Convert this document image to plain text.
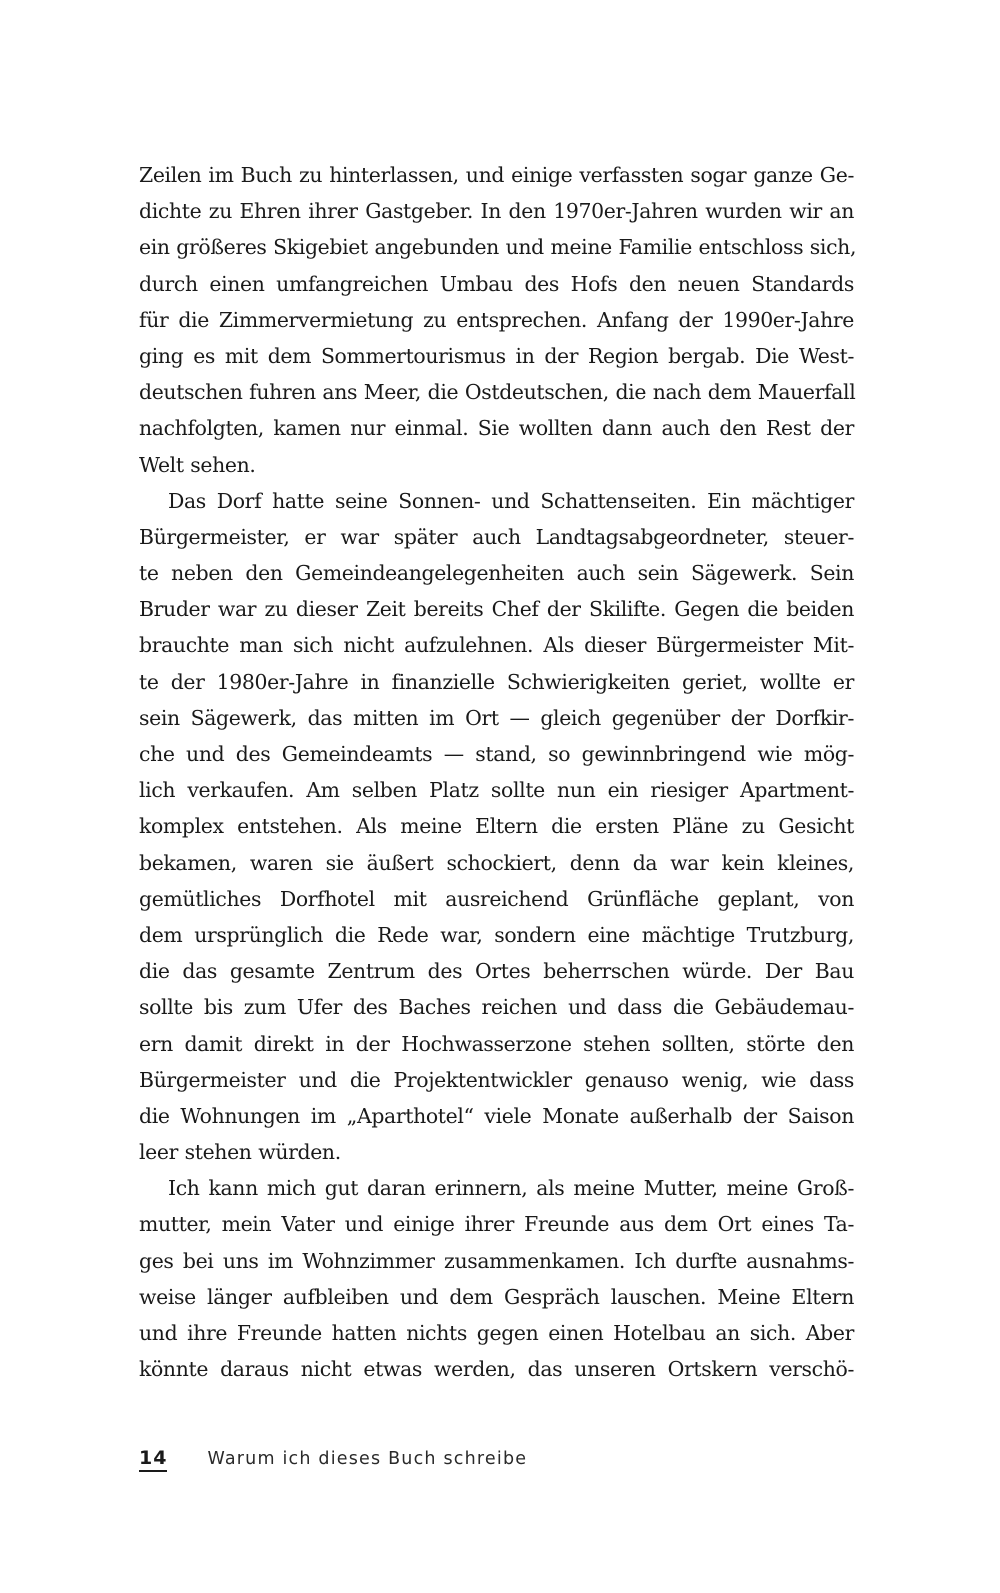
Zeilen im Buch zu hinterlassen, und einige verfassten sogar ganze Ge-
dichte zu Ehren ihrer Gastgeber. In den 1970er-Jahren wurden wir an
ein größeres Skigebiet angebunden und meine Familie entschloss sich,
durch einen umfangreichen Umbau des Hofs den neuen Standards
für die Zimmervermietung zu entsprechen. Anfang der 1990er-Jahre
ging es mit dem Sommertourismus in der Region bergab. Die West-
deutschen fuhren ans Meer, die Ostdeutschen, die nach dem Mauerfall
nachfolgten, kamen nur einmal. Sie wollten dann auch den Rest der
Welt sehen.
Das Dorf hatte seine Sonnen- und Schattenseiten. Ein mächtiger
Bürgermeister, er war später auch Landtagsabgeordneter, steuer-
te neben den Gemeindeangelegenheiten auch sein Sägewerk. Sein
Bruder war zu dieser Zeit bereits Chef der Skilifte. Gegen die beiden
brauchte man sich nicht aufzulehnen. Als dieser Bürgermeister Mit-
te der 1980er-Jahre in finanzielle Schwierigkeiten geriet, wollte er
sein Sägewerk, das mitten im Ort — gleich gegenüber der Dorfkir-
che und des Gemeindeamts — stand, so gewinnbringend wie mög-
lich verkaufen. Am selben Platz sollte nun ein riesiger Apartment-
komplex entstehen. Als meine Eltern die ersten Pläne zu Gesicht
bekamen, waren sie äußert schockiert, denn da war kein kleines,
gemütliches Dorfhotel mit ausreichend Grünfläche geplant, von
dem ursprünglich die Rede war, sondern eine mächtige Trutzburg,
die das gesamte Zentrum des Ortes beherrschen würde. Der Bau
sollte bis zum Ufer des Baches reichen und dass die Gebäudemau-
ern damit direkt in der Hochwasserzone stehen sollten, störte den
Bürgermeister und die Projektentwickler genauso wenig, wie dass
die Wohnungen im „Aparthotel“ viele Monate außerhalb der Saison
leer stehen würden.
Ich kann mich gut daran erinnern, als meine Mutter, meine Groß-
mutter, mein Vater und einige ihrer Freunde aus dem Ort eines Ta-
ges bei uns im Wohnzimmer zusammenkamen. Ich durfte ausnahms-
weise länger aufbleiben und dem Gespräch lauschen. Meine Eltern
und ihre Freunde hatten nichts gegen einen Hotelbau an sich. Aber
könnte daraus nicht etwas werden, das unseren Ortskern verschö-
14 Warum ich dieses Buch schreibe
